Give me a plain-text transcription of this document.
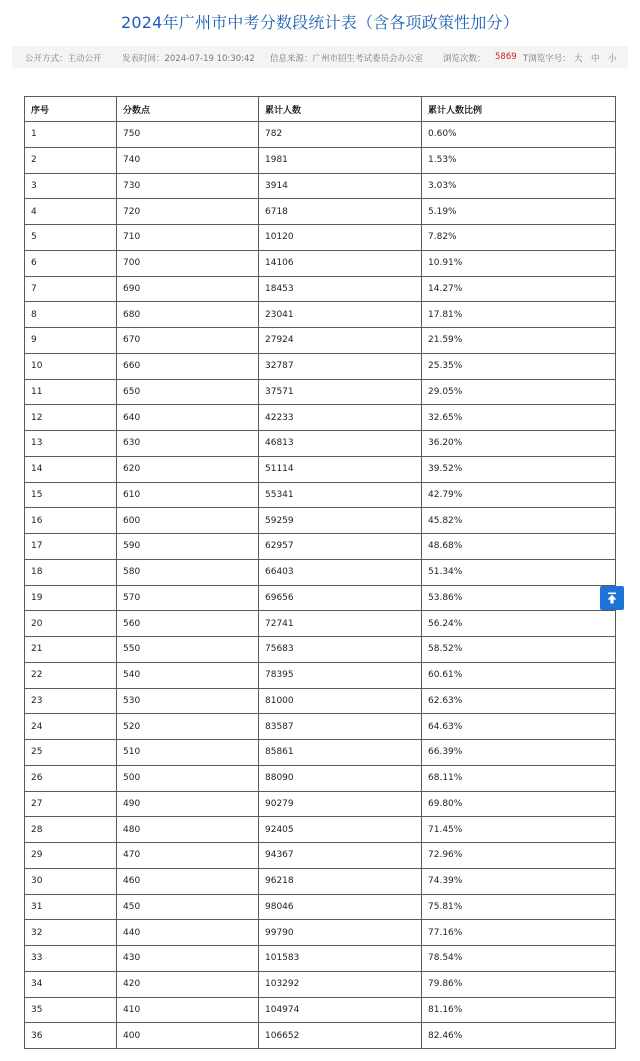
2024年广州市中考分数段统计表（含各项政策性加分）
公开方式：主动公开 发表时间：2024-07-19 10:30:42 信息来源：广州市招生考试委员会办公室 浏览次数： 5869 T浏览字号： 大 中 小
序号	分数点	累计人数	累计人数比例
1	750	782	0.60%
2	740	1981	1.53%
3	730	3914	3.03%
4	720	6718	5.19%
5	710	10120	7.82%
6	700	14106	10.91%
7	690	18453	14.27%
8	680	23041	17.81%
9	670	27924	21.59%
10	660	32787	25.35%
11	650	37571	29.05%
12	640	42233	32.65%
13	630	46813	36.20%
14	620	51114	39.52%
15	610	55341	42.79%
16	600	59259	45.82%
17	590	62957	48.68%
18	580	66403	51.34%
19	570	69656	53.86%
20	560	72741	56.24%
21	550	75683	58.52%
22	540	78395	60.61%
23	530	81000	62.63%
24	520	83587	64.63%
25	510	85861	66.39%
26	500	88090	68.11%
27	490	90279	69.80%
28	480	92405	71.45%
29	470	94367	72.96%
30	460	96218	74.39%
31	450	98046	75.81%
32	440	99790	77.16%
33	430	101583	78.54%
34	420	103292	79.86%
35	410	104974	81.16%
36	400	106652	82.46%
